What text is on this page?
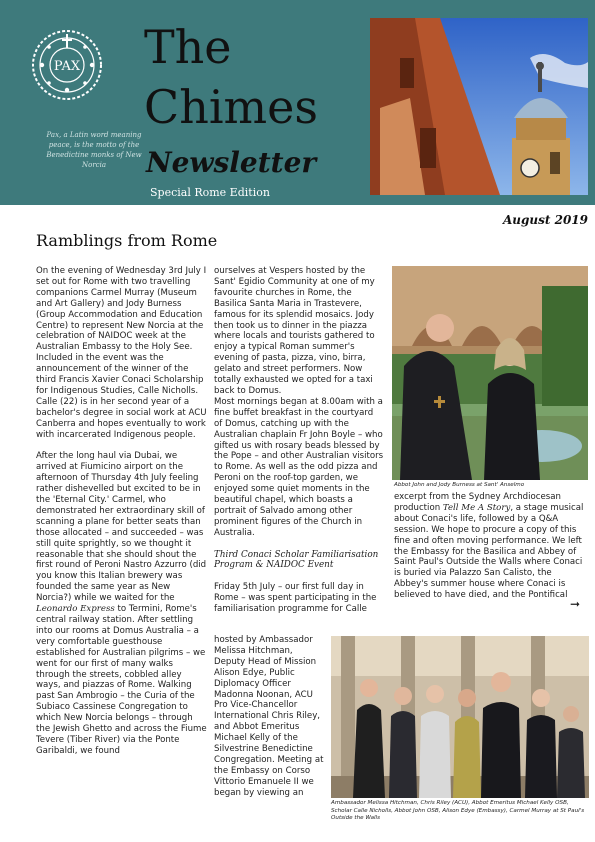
PAX
Pax, a Latin word meaning peace, is the motto of the Benedictine monks of New Norcia
The
Chimes
Newsletter
Special Rome Edition
August 2019
Ramblings from Rome

On the evening of Wednesday 3rd July I set out for Rome with two travelling companions Carmel Murray (Museum and Art Gallery) and Jody Burness (Group Accommodation and Education Centre) to represent New Norcia at the celebration of NAIDOC week at the Australian Embassy to the Holy See. Included in the event was the announcement of the winner of the third Francis Xavier Conaci Scholarship for Indigenous Studies, Calle Nicholls. Calle (22) is in her second year of a bachelor's degree in social work at ACU Canberra and hopes eventually to work with incarcerated Indigenous people.

After the long haul via Dubai, we arrived at Fiumicino airport on the afternoon of Thursday 4th July feeling rather dishevelled but excited to be in the 'Eternal City.' Carmel, who demonstrated her extraordinary skill of scanning a plane for better seats than those allocated – and succeeded – was still quite sprightly, so we thought it reasonable that she should shout the first round of Peroni Nastro Azzurro (did you know this Italian brewery was founded the same year as New Norcia?) while we waited for the Leonardo Express to Termini, Rome's central railway station. After settling into our rooms at Domus Australia – a very comfortable guesthouse established for Australian pilgrims – we went for our first of many walks through the streets, cobbled alley ways, and piazzas of Rome. Walking past San Ambrogio – the Curia of the Subiaco Cassinese Congregation to which New Norcia belongs – through the Jewish Ghetto and across the Fiume Tevere (Tiber River) via the Ponte Garibaldi, we found

ourselves at Vespers hosted by the Sant' Egidio Community at one of my favourite churches in Rome, the Basilica Santa Maria in Trastevere, famous for its splendid mosaics. Jody then took us to dinner in the piazza where locals and tourists gathered to enjoy a typical Roman summer's evening of pasta, pizza, vino, birra, gelato and street performers. Now totally exhausted we opted for a taxi back to Domus.

Most mornings began at 8.00am with a fine buffet breakfast in the courtyard of Domus, catching up with the Australian chaplain Fr John Boyle – who gifted us with rosary beads blessed by the Pope – and other Australian visitors to Rome. As well as the odd pizza and Peroni on the roof-top garden, we enjoyed some quiet moments in the beautiful chapel, which boasts a portrait of Salvado among other prominent figures of the Church in Australia.

Third Conaci Scholar Familiarisation Program & NAIDOC Event

Friday 5th July – our first full day in Rome – was spent participating in the familiarisation programme for Calle

hosted by Ambassador Melissa Hitchman, Deputy Head of Mission Alison Edye, Public Diplomacy Officer Madonna Noonan, ACU Pro Vice-Chancellor International Chris Riley, and Abbot Emeritus Michael Kelly of the Silvestrine Benedictine Congregation. Meeting at the Embassy on Corso Vittorio Emanuele II we began by viewing an

Abbot John and Jody Burness at Sant' Anselmo

excerpt from the Sydney Archdiocesan production Tell Me A Story, a stage musical about Conaci's life, followed by a Q&A session. We hope to procure a copy of this fine and often moving performance. We left the Embassy for the Basilica and Abbey of Saint Paul's Outside the Walls where Conaci is buried via Palazzo San Calisto, the Abbey's summer house where Conaci is believed to have died, and the Pontifical

➞
Ambassador Melissa Hitchman, Chris Riley (ACU), Abbot Emeritus Michael Kelly OSB, Scholar Calle Nicholls, Abbot John OSB, Alison Edye (Embassy), Carmel Murray at St Paul's Outside the Walls
